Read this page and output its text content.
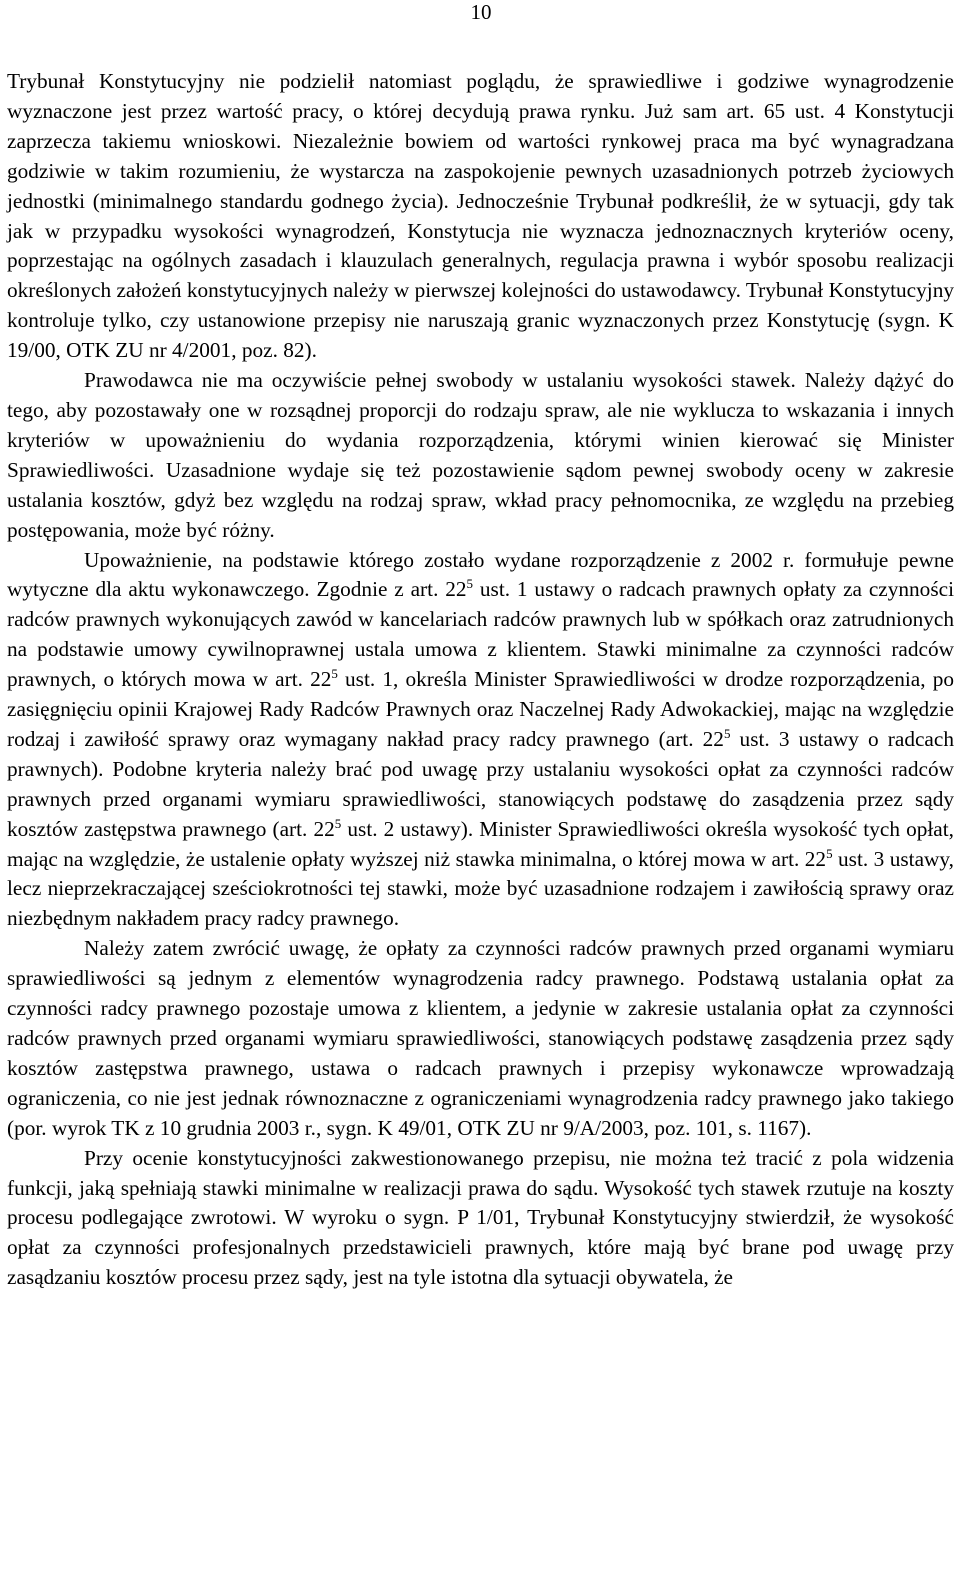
10

Trybunał Konstytucyjny nie podzielił natomiast poglądu, że sprawiedliwe i godziwe wynagrodzenie wyznaczone jest przez wartość pracy, o której decydują prawa rynku. Już sam art. 65 ust. 4 Konstytucji zaprzecza takiemu wnioskowi. Niezależnie bowiem od wartości rynkowej praca ma być wynagradzana godziwie w takim rozumieniu, że wystarcza na zaspokojenie pewnych uzasadnionych potrzeb życiowych jednostki (minimalnego standardu godnego życia). Jednocześnie Trybunał podkreślił, że w sytuacji, gdy tak jak w przypadku wysokości wynagrodzeń, Konstytucja nie wyznacza jednoznacznych kryteriów oceny, poprzestając na ogólnych zasadach i klauzulach generalnych, regulacja prawna i wybór sposobu realizacji określonych założeń konstytucyjnych należy w pierwszej kolejności do ustawodawcy. Trybunał Konstytucyjny kontroluje tylko, czy ustanowione przepisy nie naruszają granic wyznaczonych przez Konstytucję (sygn. K 19/00, OTK ZU nr 4/2001, poz. 82).

Prawodawca nie ma oczywiście pełnej swobody w ustalaniu wysokości stawek. Należy dążyć do tego, aby pozostawały one w rozsądnej proporcji do rodzaju spraw, ale nie wyklucza to wskazania i innych kryteriów w upoważnieniu do wydania rozporządzenia, którymi winien kierować się Minister Sprawiedliwości. Uzasadnione wydaje się też pozostawienie sądom pewnej swobody oceny w zakresie ustalania kosztów, gdyż bez względu na rodzaj spraw, wkład pracy pełnomocnika, ze względu na przebieg postępowania, może być różny.

Upoważnienie, na podstawie którego zostało wydane rozporządzenie z 2002 r. formułuje pewne wytyczne dla aktu wykonawczego. Zgodnie z art. $22^5$ ust. 1 ustawy o radcach prawnych opłaty za czynności radców prawnych wykonujących zawód w kancelariach radców prawnych lub w spółkach oraz zatrudnionych na podstawie umowy cywilnoprawnej ustala umowa z klientem. Stawki minimalne za czynności radców prawnych, o których mowa w art. $22^5$ ust. 1, określa Minister Sprawiedliwości w drodze rozporządzenia, po zasięgnięciu opinii Krajowej Rady Radców Prawnych oraz Naczelnej Rady Adwokackiej, mając na względzie rodzaj i zawiłość sprawy oraz wymagany nakład pracy radcy prawnego (art. $22^5$ ust. 3 ustawy o radcach prawnych). Podobne kryteria należy brać pod uwagę przy ustalaniu wysokości opłat za czynności radców prawnych przed organami wymiaru sprawiedliwości, stanowiących podstawę do zasądzenia przez sądy kosztów zastępstwa prawnego (art. $22^5$ ust. 2 ustawy). Minister Sprawiedliwości określa wysokość tych opłat, mając na względzie, że ustalenie opłaty wyższej niż stawka minimalna, o której mowa w art. $22^5$ ust. 3 ustawy, lecz nieprzekraczającej sześciokrotności tej stawki, może być uzasadnione rodzajem i zawiłością sprawy oraz niezbędnym nakładem pracy radcy prawnego.

Należy zatem zwrócić uwagę, że opłaty za czynności radców prawnych przed organami wymiaru sprawiedliwości są jednym z elementów wynagrodzenia radcy prawnego. Podstawą ustalania opłat za czynności radcy prawnego pozostaje umowa z klientem, a jedynie w zakresie ustalania opłat za czynności radców prawnych przed organami wymiaru sprawiedliwości, stanowiących podstawę zasądzenia przez sądy kosztów zastępstwa prawnego, ustawa o radcach prawnych i przepisy wykonawcze wprowadzają ograniczenia, co nie jest jednak równoznaczne z ograniczeniami wynagrodzenia radcy prawnego jako takiego (por. wyrok TK z 10 grudnia 2003 r., sygn. K 49/01, OTK ZU nr 9/A/2003, poz. 101, s. 1167).

Przy ocenie konstytucyjności zakwestionowanego przepisu, nie można też tracić z pola widzenia funkcji, jaką spełniają stawki minimalne w realizacji prawa do sądu. Wysokość tych stawek rzutuje na koszty procesu podlegające zwrotowi. W wyroku o sygn. P 1/01, Trybunał Konstytucyjny stwierdził, że wysokość opłat za czynności profesjonalnych przedstawicieli prawnych, które mają być brane pod uwagę przy zasądzaniu kosztów procesu przez sądy, jest na tyle istotna dla sytuacji obywatela, że
